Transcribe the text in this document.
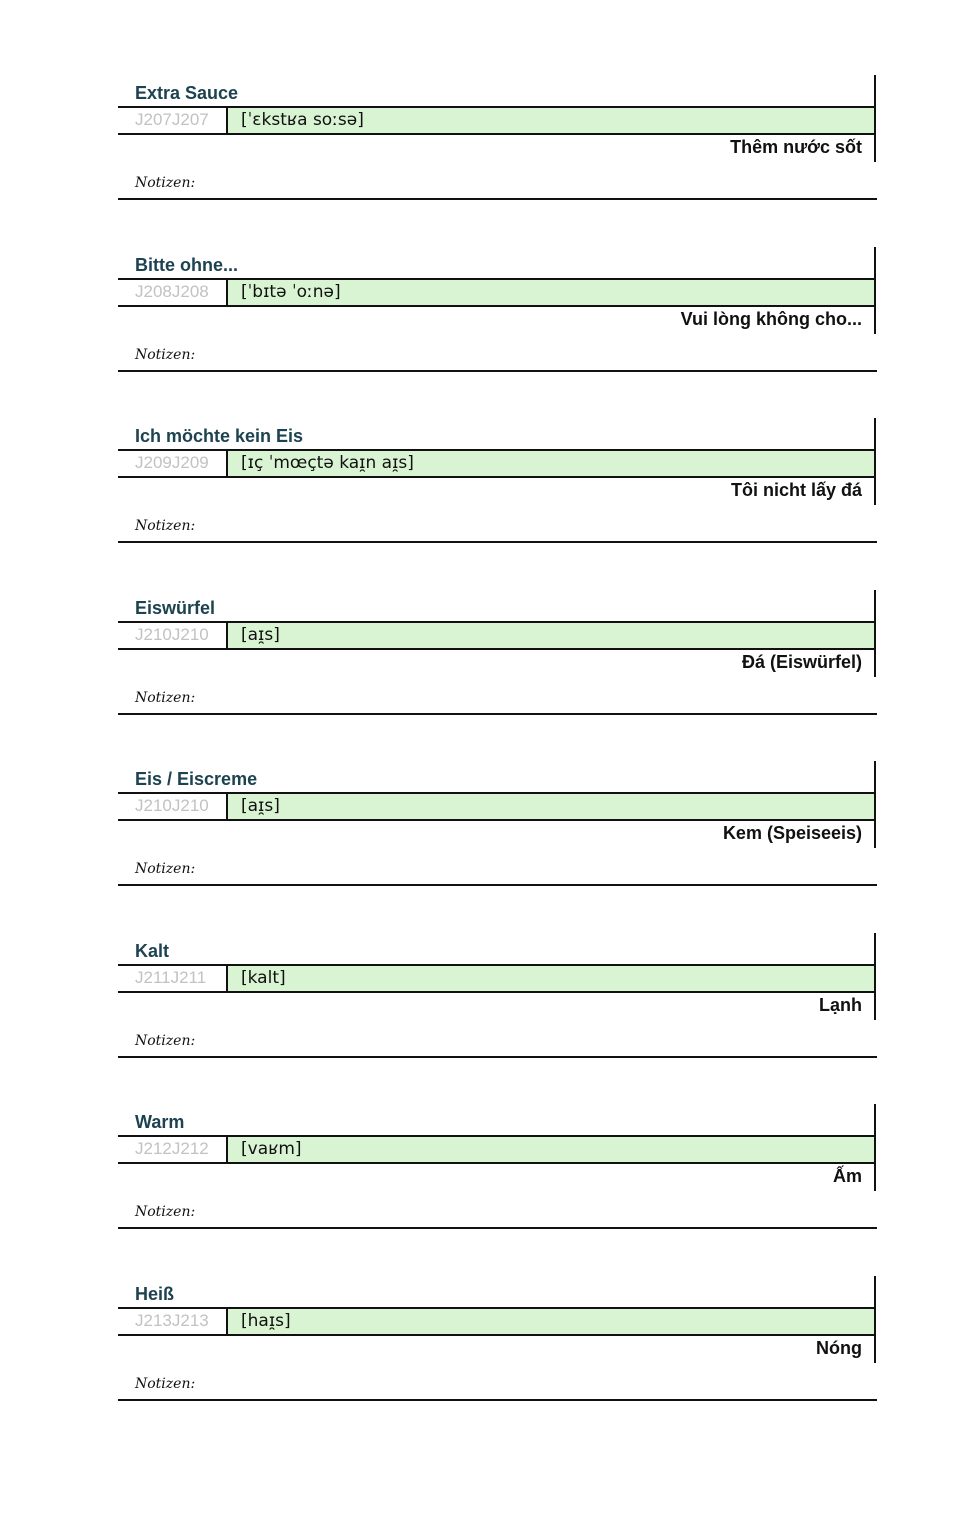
Extra Sauce
J207J207 [ˈɛkstʁa soːsə]
Thêm nước sốt
Notizen:
Bitte ohne...
J208J208 [ˈbɪtə ˈoːnə]
Vui lòng không cho...
Notizen:
Ich möchte kein Eis
J209J209 [ɪç ˈmœçtə kaɪ̯n aɪ̯s]
Tôi nicht lấy đá
Notizen:
Eiswürfel
J210J210 [aɪ̯s]
Đá (Eiswürfel)
Notizen:
Eis / Eiscreme
J210J210 [aɪ̯s]
Kem (Speiseeis)
Notizen:
Kalt
J211J211 [kalt]
Lạnh
Notizen:
Warm
J212J212 [vaʁm]
Ấm
Notizen:
Heiß
J213J213 [haɪ̯s]
Nóng
Notizen:
